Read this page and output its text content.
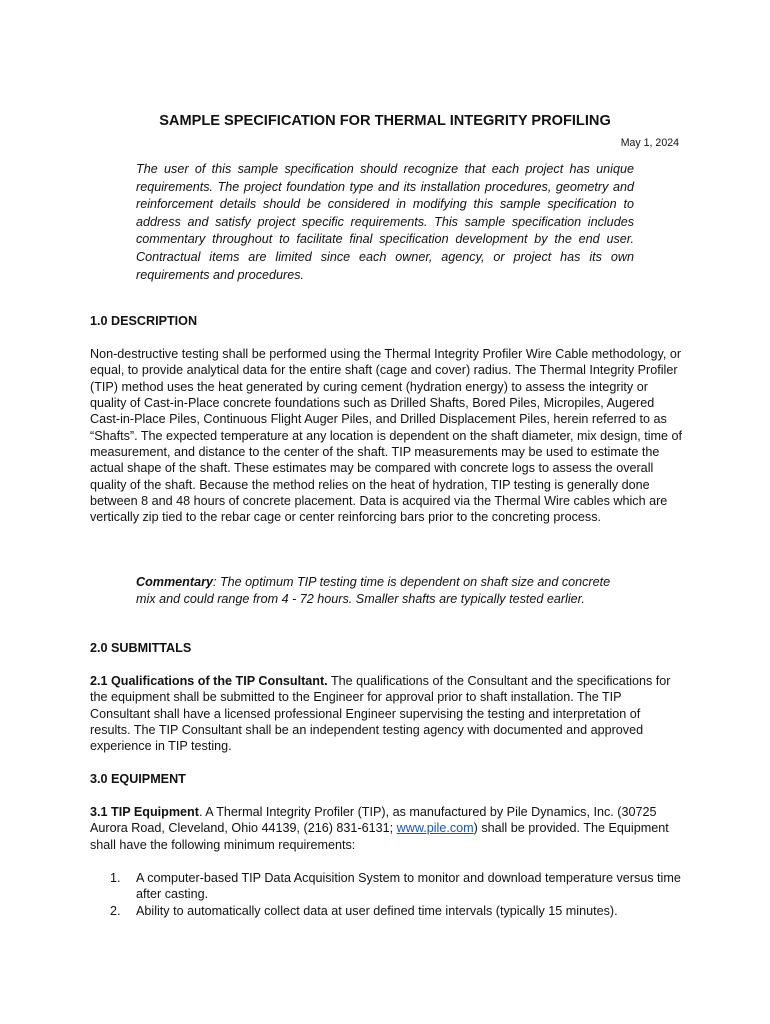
SAMPLE SPECIFICATION FOR THERMAL INTEGRITY PROFILING
May 1, 2024
The user of this sample specification should recognize that each project has unique requirements. The project foundation type and its installation procedures, geometry and reinforcement details should be considered in modifying this sample specification to address and satisfy project specific requirements. This sample specification includes commentary throughout to facilitate final specification development by the end user. Contractual items are limited since each owner, agency, or project has its own requirements and procedures.
1.0 DESCRIPTION

Non-destructive testing shall be performed using the Thermal Integrity Profiler Wire Cable methodology, or equal, to provide analytical data for the entire shaft (cage and cover) radius. The Thermal Integrity Profiler (TIP) method uses the heat generated by curing cement (hydration energy) to assess the integrity or quality of Cast-in-Place concrete foundations such as Drilled Shafts, Bored Piles, Micropiles, Augered Cast-in-Place Piles, Continuous Flight Auger Piles, and Drilled Displacement Piles, herein referred to as “Shafts”. The expected temperature at any location is dependent on the shaft diameter, mix design, time of measurement, and distance to the center of the shaft. TIP measurements may be used to estimate the actual shape of the shaft. These estimates may be compared with concrete logs to assess the overall quality of the shaft. Because the method relies on the heat of hydration, TIP testing is generally done between 8 and 48 hours of concrete placement. Data is acquired via the Thermal Wire cables which are vertically zip tied to the rebar cage or center reinforcing bars prior to the concreting process.

Commentary: The optimum TIP testing time is dependent on shaft size and concrete mix and could range from 4 - 72 hours. Smaller shafts are typically tested earlier.
2.0 SUBMITTALS

2.1 Qualifications of the TIP Consultant. The qualifications of the Consultant and the specifications for the equipment shall be submitted to the Engineer for approval prior to shaft installation. The TIP Consultant shall have a licensed professional Engineer supervising the testing and interpretation of results. The TIP Consultant shall be an independent testing agency with documented and approved experience in TIP testing.

3.0 EQUIPMENT

3.1 TIP Equipment. A Thermal Integrity Profiler (TIP), as manufactured by Pile Dynamics, Inc. (30725 Aurora Road, Cleveland, Ohio 44139, (216) 831-6131; www.pile.com) shall be provided. The Equipment shall have the following minimum requirements:

1. A computer-based TIP Data Acquisition System to monitor and download temperature versus time after casting.
2. Ability to automatically collect data at user defined time intervals (typically 15 minutes).
